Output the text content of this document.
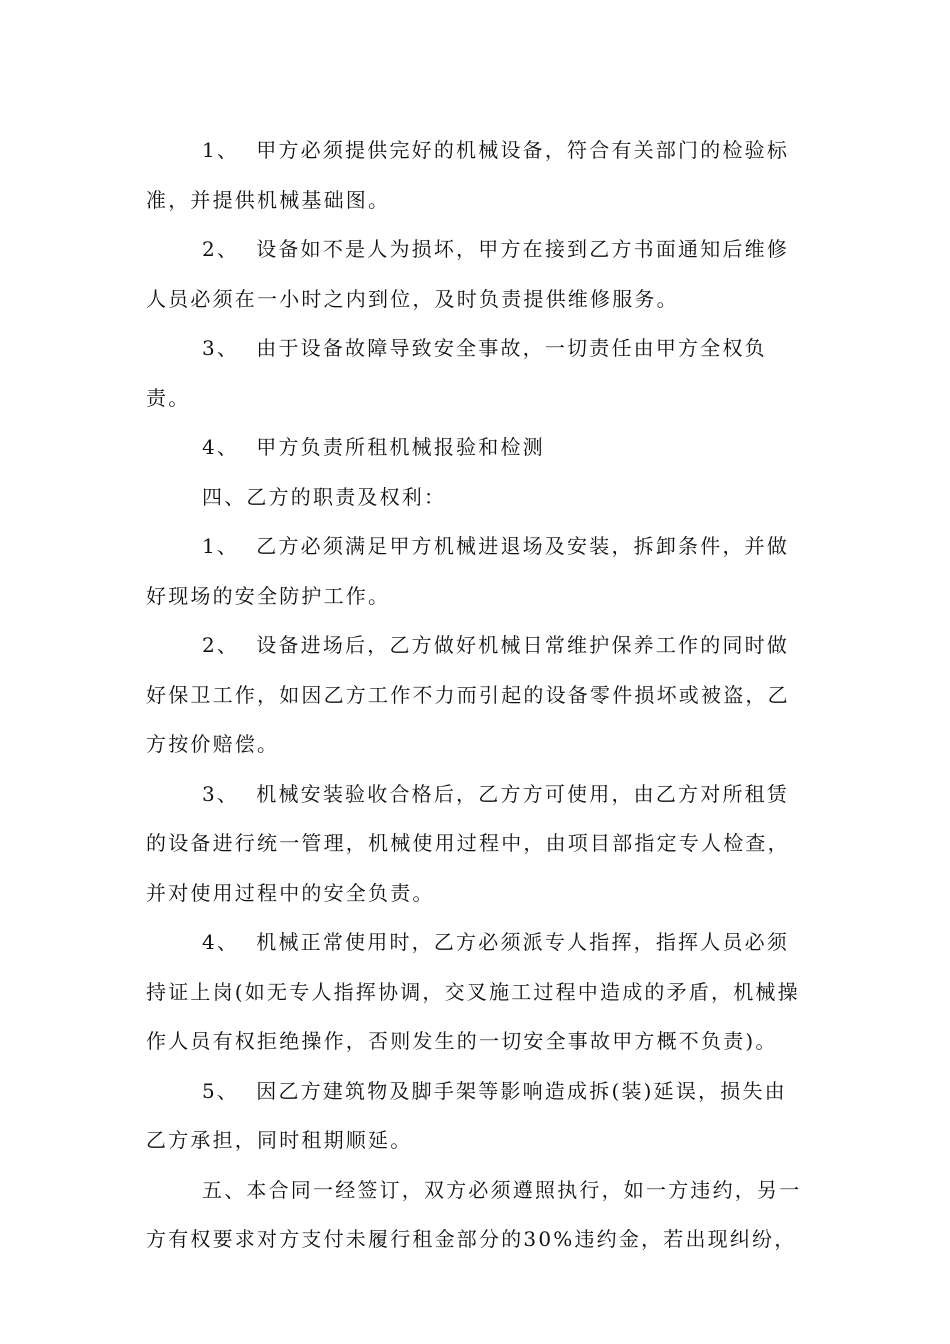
1、  甲方必须提供完好的机械设备，符合有关部门的检验标准，并提供机械基础图。

2、  设备如不是人为损坏，甲方在接到乙方书面通知后维修人员必须在一小时之内到位，及时负责提供维修服务。

3、  由于设备故障导致安全事故，一切责任由甲方全权负责。

4、  甲方负责所租机械报验和检测

四、乙方的职责及权利：

1、  乙方必须满足甲方机械进退场及安装，拆卸条件，并做好现场的安全防护工作。

2、  设备进场后，乙方做好机械日常维护保养工作的同时做好保卫工作，如因乙方工作不力而引起的设备零件损坏或被盗，乙方按价赔偿。

3、  机械安装验收合格后，乙方方可使用，由乙方对所租赁的设备进行统一管理，机械使用过程中，由项目部指定专人检查，并对使用过程中的安全负责。

4、  机械正常使用时，乙方必须派专人指挥，指挥人员必须持证上岗(如无专人指挥协调，交叉施工过程中造成的矛盾，机械操作人员有权拒绝操作，否则发生的一切安全事故甲方概不负责)。

5、  因乙方建筑物及脚手架等影响造成拆(装)延误，损失由乙方承担，同时租期顺延。

五、本合同一经签订，双方必须遵照执行，如一方违约，另一方有权要求对方支付未履行租金部分的30%违约金，若出现纠纷，
